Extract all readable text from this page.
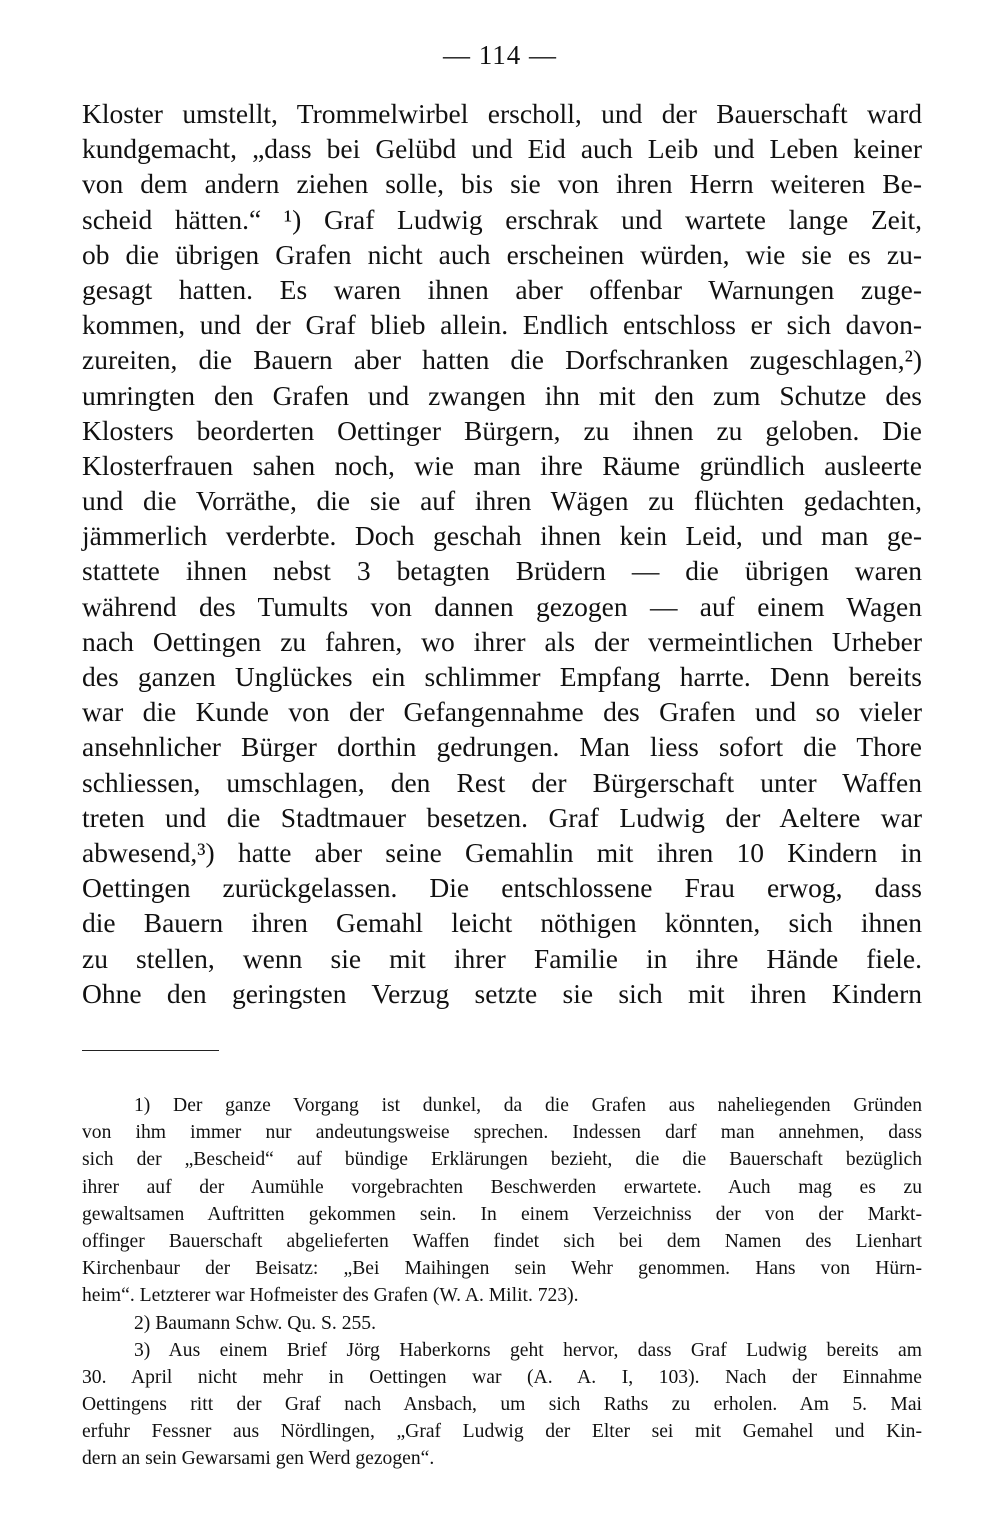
— 114 —
Kloster umstellt, Trommelwirbel erscholl, und der Bauerschaft ward
kundgemacht, „dass bei Gelübd und Eid auch Leib und Leben keiner
von dem andern ziehen solle, bis sie von ihren Herrn weiteren Be-
scheid hätten.“ ¹) Graf Ludwig erschrak und wartete lange Zeit,
ob die übrigen Grafen nicht auch erscheinen würden, wie sie es zu-
gesagt hatten. Es waren ihnen aber offenbar Warnungen zuge-
kommen, und der Graf blieb allein. Endlich entschloss er sich davon-
zureiten, die Bauern aber hatten die Dorfschranken zugeschlagen,²)
umringten den Grafen und zwangen ihn mit den zum Schutze des
Klosters beorderten Oettinger Bürgern, zu ihnen zu geloben. Die
Klosterfrauen sahen noch, wie man ihre Räume gründlich ausleerte
und die Vorräthe, die sie auf ihren Wägen zu flüchten gedachten,
jämmerlich verderbte. Doch geschah ihnen kein Leid, und man ge-
stattete ihnen nebst 3 betagten Brüdern — die übrigen waren
während des Tumults von dannen gezogen — auf einem Wagen
nach Oettingen zu fahren, wo ihrer als der vermeintlichen Urheber
des ganzen Unglückes ein schlimmer Empfang harrte. Denn bereits
war die Kunde von der Gefangennahme des Grafen und so vieler
ansehnlicher Bürger dorthin gedrungen. Man liess sofort die Thore
schliessen, umschlagen, den Rest der Bürgerschaft unter Waffen
treten und die Stadtmauer besetzen. Graf Ludwig der Aeltere war
abwesend,³) hatte aber seine Gemahlin mit ihren 10 Kindern in
Oettingen zurückgelassen. Die entschlossene Frau erwog, dass
die Bauern ihren Gemahl leicht nöthigen könnten, sich ihnen
zu stellen, wenn sie mit ihrer Familie in ihre Hände fiele.
Ohne den geringsten Verzug setzte sie sich mit ihren Kindern
1) Der ganze Vorgang ist dunkel, da die Grafen aus naheliegenden Gründen
von ihm immer nur andeutungsweise sprechen. Indessen darf man annehmen, dass
sich der „Bescheid“ auf bündige Erklärungen bezieht, die die Bauerschaft bezüglich
ihrer auf der Aumühle vorgebrachten Beschwerden erwartete. Auch mag es zu
gewaltsamen Auftritten gekommen sein. In einem Verzeichniss der von der Markt-
offinger Bauerschaft abgelieferten Waffen findet sich bei dem Namen des Lienhart
Kirchenbaur der Beisatz: „Bei Maihingen sein Wehr genommen. Hans von Hürn-
heim“. Letzterer war Hofmeister des Grafen (W. A. Milit. 723).
2) Baumann Schw. Qu. S. 255.
3) Aus einem Brief Jörg Haberkorns geht hervor, dass Graf Ludwig bereits am
30. April nicht mehr in Oettingen war (A. A. I, 103). Nach der Einnahme
Oettingens ritt der Graf nach Ansbach, um sich Raths zu erholen. Am 5. Mai
erfuhr Fessner aus Nördlingen, „Graf Ludwig der Elter sei mit Gemahel und Kin-
dern an sein Gewarsami gen Werd gezogen“.
